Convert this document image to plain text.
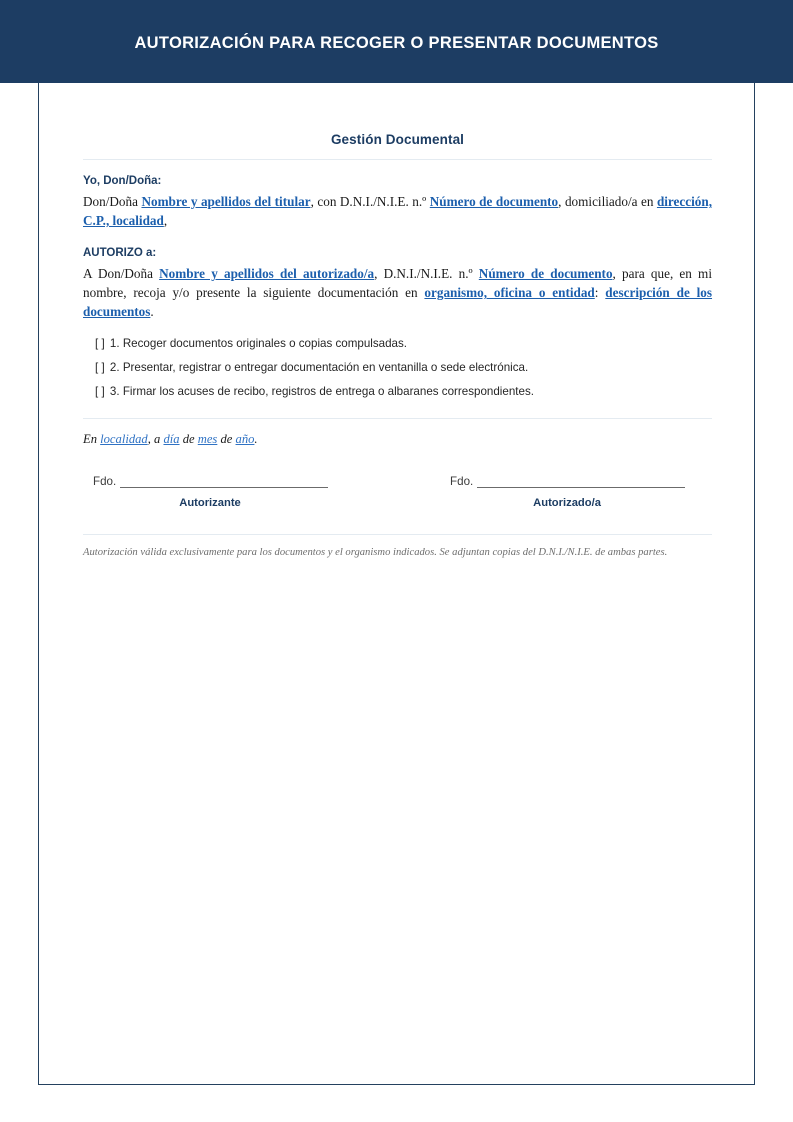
AUTORIZACIÓN PARA RECOGER O PRESENTAR DOCUMENTOS
Gestión Documental
Yo, Don/Doña:

Don/Doña Nombre y apellidos del titular, con D.N.I./N.I.E. n.º Número de documento, domiciliado/a en dirección, C.P., localidad,

AUTORIZO a:

A Don/Doña Nombre y apellidos del autorizado/a, D.N.I./N.I.E. n.º Número de documento, para que, en mi nombre, recoja y/o presente la siguiente documentación en organismo, oficina o entidad: descripción de los documentos.

[ ] 1. Recoger documentos originales o copias compulsadas.
[ ] 2. Presentar, registrar o entregar documentación en ventanilla o sede electrónica.
[ ] 3. Firmar los acuses de recibo, registros de entrega o albaranes correspondientes.

En localidad, a día de mes de año.

Fdo.
Autorizante
Fdo.
Autorizado/a

Autorización válida exclusivamente para los documentos y el organismo indicados. Se adjuntan copias del D.N.I./N.I.E. de ambas partes.
